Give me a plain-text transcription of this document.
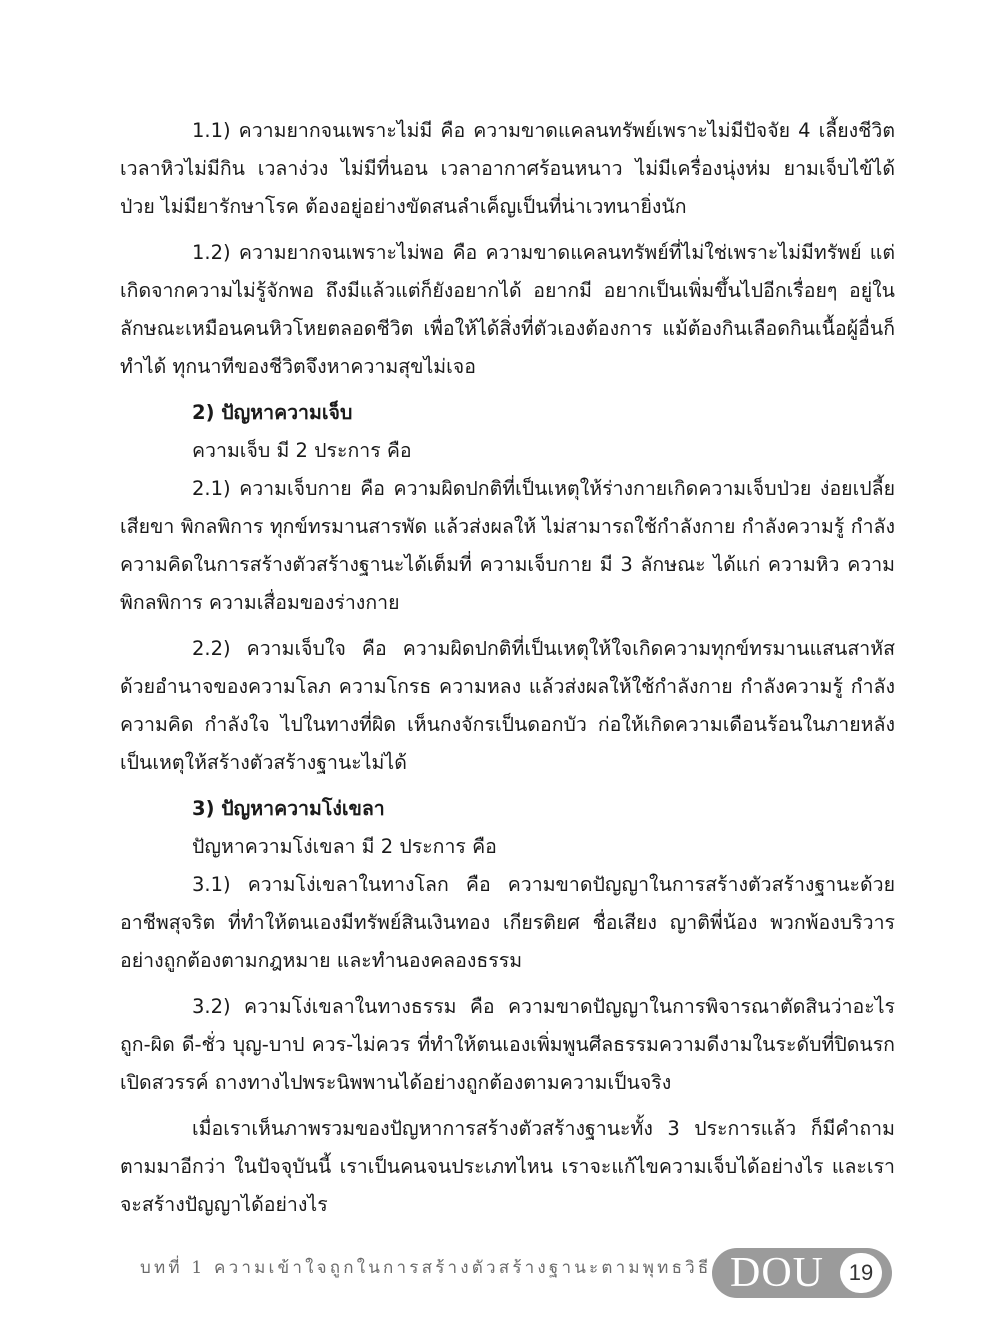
1.1) ความยากจนเพราะไม่มี คือ ความขาดแคลนทรัพย์เพราะไม่มีปัจจัย 4 เลี้ยงชีวิต เวลาหิวไม่มีกิน เวลาง่วง ไม่มีที่นอน เวลาอากาศร้อนหนาว ไม่มีเครื่องนุ่งห่ม ยามเจ็บไข้ได้ป่วย ไม่มียารักษาโรค ต้องอยู่อย่างขัดสนลำเค็ญเป็นที่น่าเวทนายิ่งนัก

1.2) ความยากจนเพราะไม่พอ คือ ความขาดแคลนทรัพย์ที่ไม่ใช่เพราะไม่มีทรัพย์ แต่เกิดจากความไม่รู้จักพอ ถึงมีแล้วแต่ก็ยังอยากได้ อยากมี อยากเป็นเพิ่มขึ้นไปอีกเรื่อยๆ อยู่ในลักษณะเหมือนคนหิวโหยตลอดชีวิต เพื่อให้ได้สิ่งที่ตัวเองต้องการ แม้ต้องกินเลือดกินเนื้อผู้อื่นก็ทำได้ ทุกนาทีของชีวิตจึงหาความสุขไม่เจอ

2) ปัญหาความเจ็บ

ความเจ็บ มี 2 ประการ คือ

2.1) ความเจ็บกาย คือ ความผิดปกติที่เป็นเหตุให้ร่างกายเกิดความเจ็บป่วย ง่อยเปลี้ยเสียขา พิกลพิการ ทุกข์ทรมานสารพัด แล้วส่งผลให้ ไม่สามารถใช้กำลังกาย กำลังความรู้ กำลังความคิดในการสร้างตัวสร้างฐานะได้เต็มที่ ความเจ็บกาย มี 3 ลักษณะ ได้แก่ ความหิว ความพิกลพิการ ความเสื่อมของร่างกาย

2.2) ความเจ็บใจ คือ ความผิดปกติที่เป็นเหตุให้ใจเกิดความทุกข์ทรมานแสนสาหัส ด้วยอำนาจของความโลภ ความโกรธ ความหลง แล้วส่งผลให้ใช้กำลังกาย กำลังความรู้ กำลังความคิด กำลังใจ ไปในทางที่ผิด เห็นกงจักรเป็นดอกบัว ก่อให้เกิดความเดือนร้อนในภายหลัง เป็นเหตุให้สร้างตัวสร้างฐานะไม่ได้

3) ปัญหาความโง่เขลา

ปัญหาความโง่เขลา มี 2 ประการ คือ

3.1) ความโง่เขลาในทางโลก คือ ความขาดปัญญาในการสร้างตัวสร้างฐานะด้วยอาชีพสุจริต ที่ทำให้ตนเองมีทรัพย์สินเงินทอง เกียรติยศ ชื่อเสียง ญาติพี่น้อง พวกพ้องบริวาร อย่างถูกต้องตามกฎหมาย และทำนองคลองธรรม

3.2) ความโง่เขลาในทางธรรม คือ ความขาดปัญญาในการพิจารณาตัดสินว่าอะไร ถูก-ผิด ดี-ชั่ว บุญ-บาป ควร-ไม่ควร ที่ทำให้ตนเองเพิ่มพูนศีลธรรมความดีงามในระดับที่ปิดนรก เปิดสวรรค์ ถางทางไปพระนิพพานได้อย่างถูกต้องตามความเป็นจริง

เมื่อเราเห็นภาพรวมของปัญหาการสร้างตัวสร้างฐานะทั้ง 3 ประการแล้ว ก็มีคำถามตามมาอีกว่า ในปัจจุบันนี้ เราเป็นคนจนประเภทไหน เราจะแก้ไขความเจ็บได้อย่างไร และเราจะสร้างปัญญาได้อย่างไร

บทที่ 1 ความเข้าใจถูกในการสร้างตัวสร้างฐานะตามพุทธวิธี DOU	19
